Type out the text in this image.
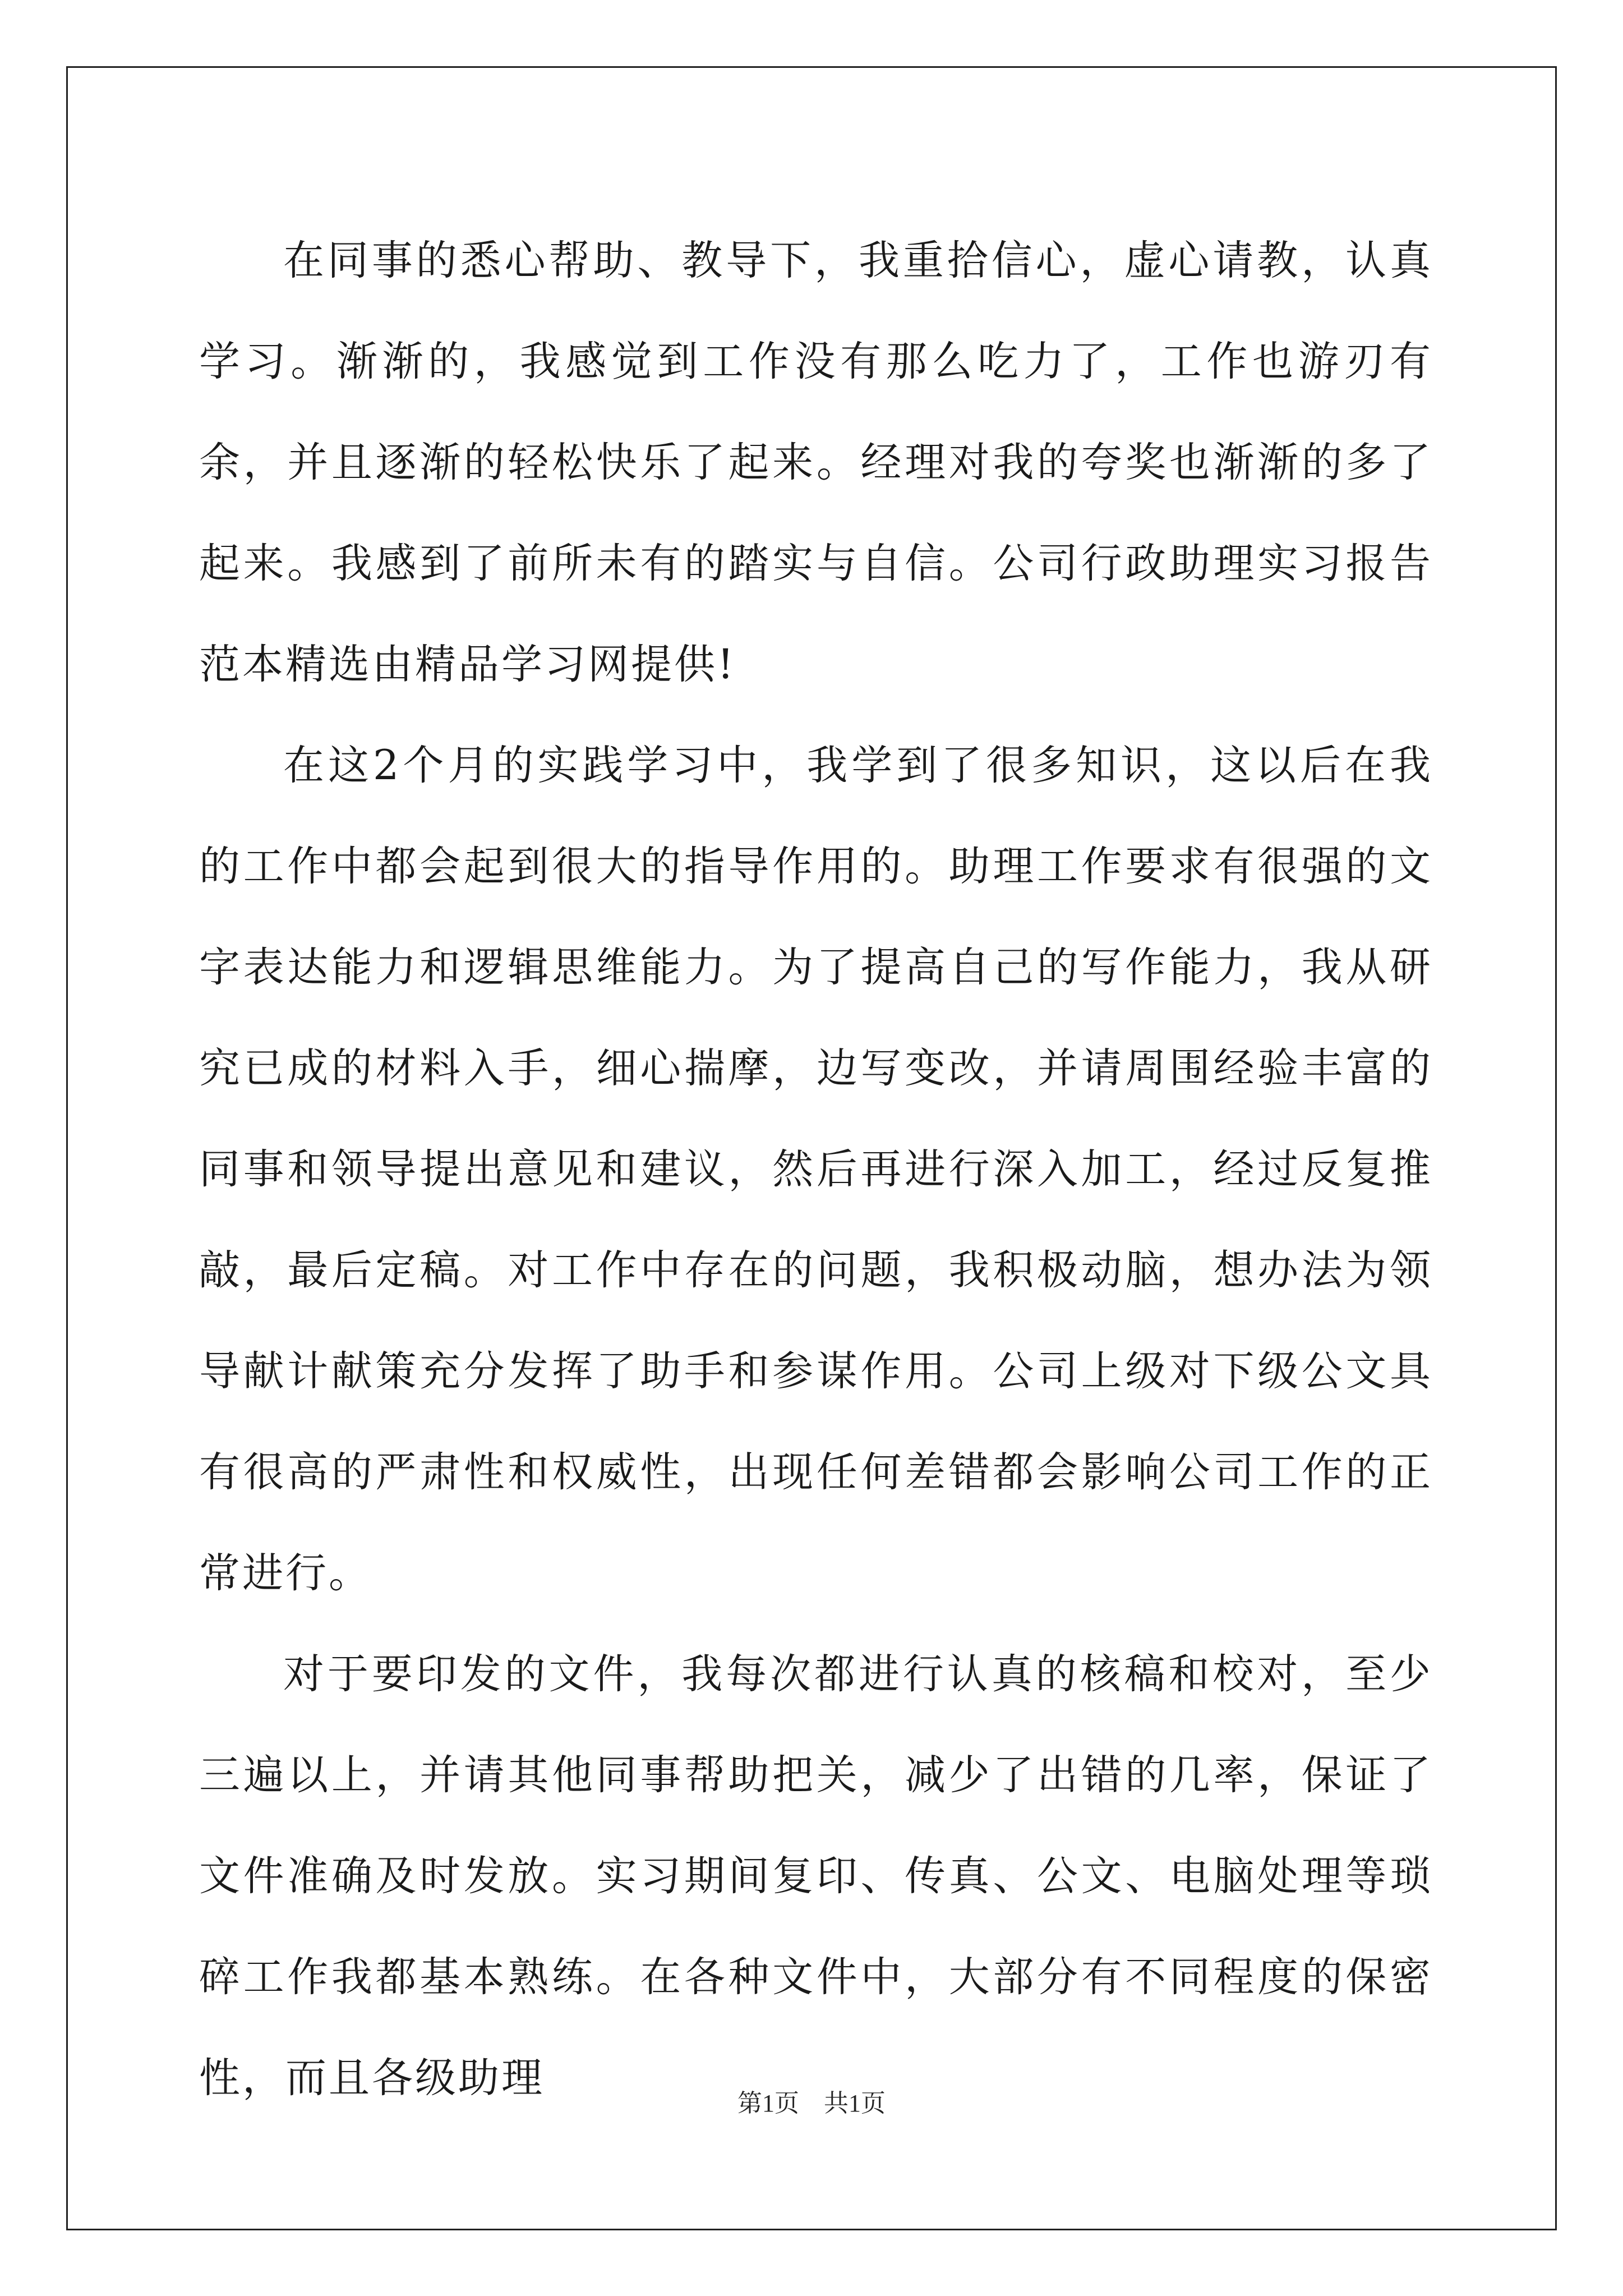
在同事的悉心帮助、教导下，我重拾信心，虚心请教，认真学习。渐渐的，我感觉到工作没有那么吃力了，工作也游刃有余，并且逐渐的轻松快乐了起来。经理对我的夸奖也渐渐的多了起来。我感到了前所未有的踏实与自信。公司行政助理实习报告范本精选由精品学习网提供!

在这2个月的实践学习中，我学到了很多知识，这以后在我的工作中都会起到很大的指导作用的。助理工作要求有很强的文字表达能力和逻辑思维能力。为了提高自己的写作能力，我从研究已成的材料入手，细心揣摩，边写变改，并请周围经验丰富的同事和领导提出意见和建议，然后再进行深入加工，经过反复推敲，最后定稿。对工作中存在的问题，我积极动脑，想办法为领导献计献策充分发挥了助手和参谋作用。公司上级对下级公文具有很高的严肃性和权威性，出现任何差错都会影响公司工作的正常进行。

对于要印发的文件，我每次都进行认真的核稿和校对，至少三遍以上，并请其他同事帮助把关，减少了出错的几率，保证了文件准确及时发放。实习期间复印、传真、公文、电脑处理等琐碎工作我都基本熟练。在各种文件中，大部分有不同程度的保密性，而且各级助理

第1页　共1页
